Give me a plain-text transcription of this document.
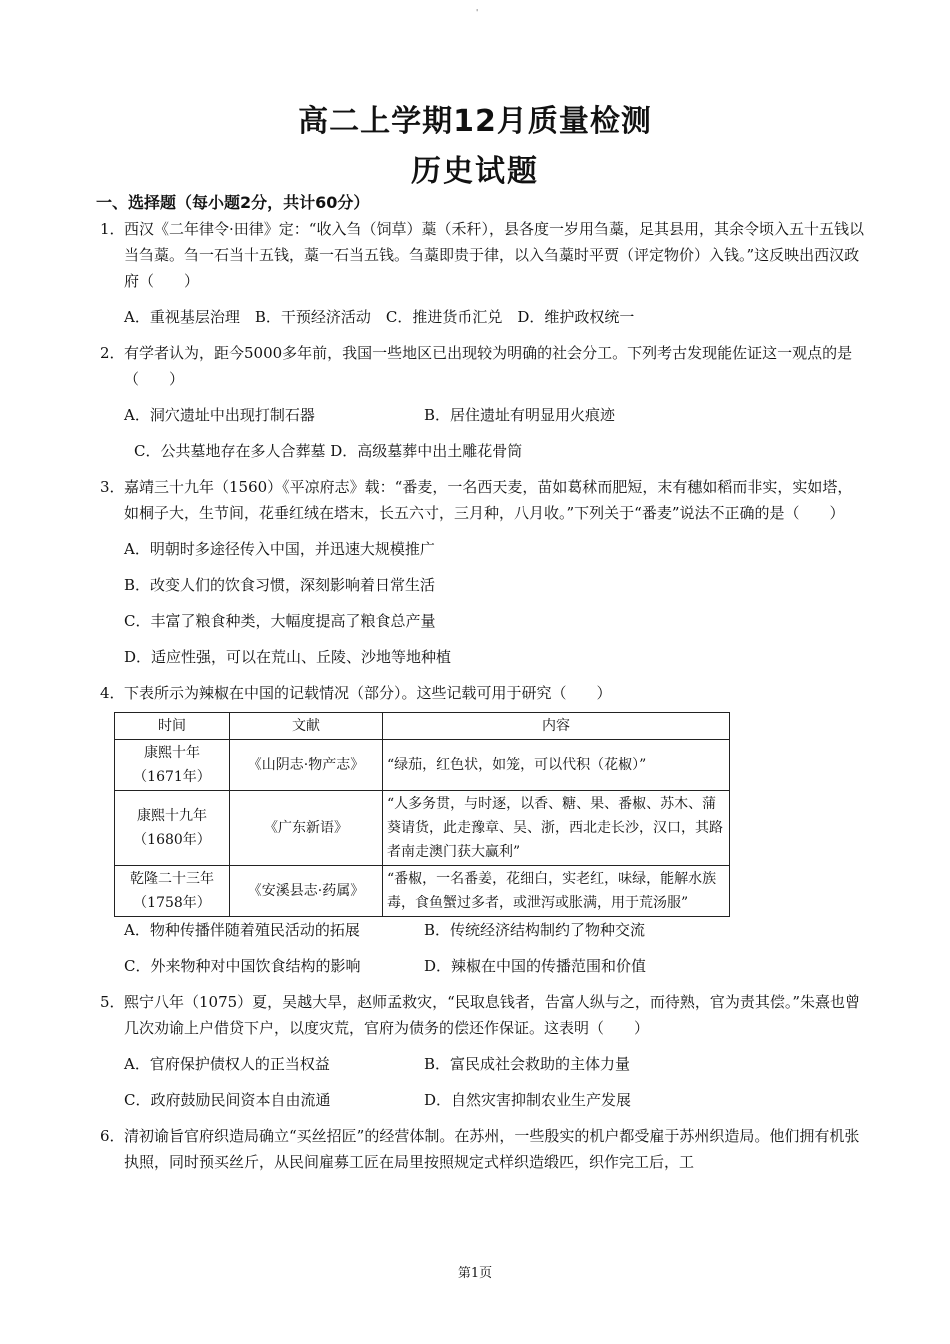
'
高二上学期12月质量检测
历史试题
一、选择题（每小题2分，共计60分）
1． 西汉《二年律令·田律》定：“收入刍（饲草）藁（禾秆），县各度一岁用刍藁，足其县用，其余令顷入五十五钱以当刍藁。刍一石当十五钱，藁一石当五钱。刍藁即贵于律，以入刍藁时平贾（评定物价）入钱。”这反映出西汉政府（　　）
A．重视基层治理　B．干预经济活动　C．推进货币汇兑　D．维护政权统一
2． 有学者认为，距今5000多年前，我国一些地区已出现较为明确的社会分工。下列考古发现能佐证这一观点的是（　　）
A．洞穴遗址中出现打制石器	B．居住遗址有明显用火痕迹
C．公共墓地存在多人合葬墓 D．高级墓葬中出土雕花骨筒
3． 嘉靖三十九年（1560）《平凉府志》载：“番麦，一名西天麦，苗如葛秫而肥短，末有穗如稻而非实，实如塔，如桐子大，生节间，花垂红绒在塔末，长五六寸，三月种，八月收。”下列关于“番麦”说法不正确的是（　　）
A．明朝时多途径传入中国，并迅速大规模推广
B．改变人们的饮食习惯，深刻影响着日常生活
C．丰富了粮食种类，大幅度提高了粮食总产量
D．适应性强，可以在荒山、丘陵、沙地等地种植
4． 下表所示为辣椒在中国的记载情况（部分）。这些记载可用于研究（　　）
时间	文献	内容
康熙十年
（1671年）	《山阴志·物产志》	“绿茄，红色状，如笼，可以代积（花椒）”
康熙十九年
（1680年）	《广东新语》	“人多务贯，与时逐，以香、糖、果、番椒、苏木、蒲葵请货，此走豫章、吴、浙，西北走长沙，汉口，其路者南走澳门获大赢利”
乾隆二十三年
（1758年）	《安溪县志·药属》	“番椒，一名番姜，花细白，实老红，味绿，能解水族毒，食鱼蟹过多者，或泄泻或胀满，用于荒汤服”
A．物种传播伴随着殖民活动的拓展	B．传统经济结构制约了物种交流
C．外来物种对中国饮食结构的影响	D．辣椒在中国的传播范围和价值
5． 熙宁八年（1075）夏，吴越大旱，赵师孟救灾，“民取息钱者，告富人纵与之，而待熟，官为责其偿。”朱熹也曾几次劝谕上户借贷下户，以度灾荒，官府为债务的偿还作保证。这表明（　　）
A．官府保护债权人的正当权益	B．富民成社会救助的主体力量
C．政府鼓励民间资本自由流通	D．自然灾害抑制农业生产发展
6． 清初谕旨官府织造局确立“买丝招匠”的经营体制。在苏州，一些殷实的机户都受雇于苏州织造局。他们拥有机张执照，同时预买丝斤，从民间雇募工匠在局里按照规定式样织造缎匹，织作完工后，工
第1页
